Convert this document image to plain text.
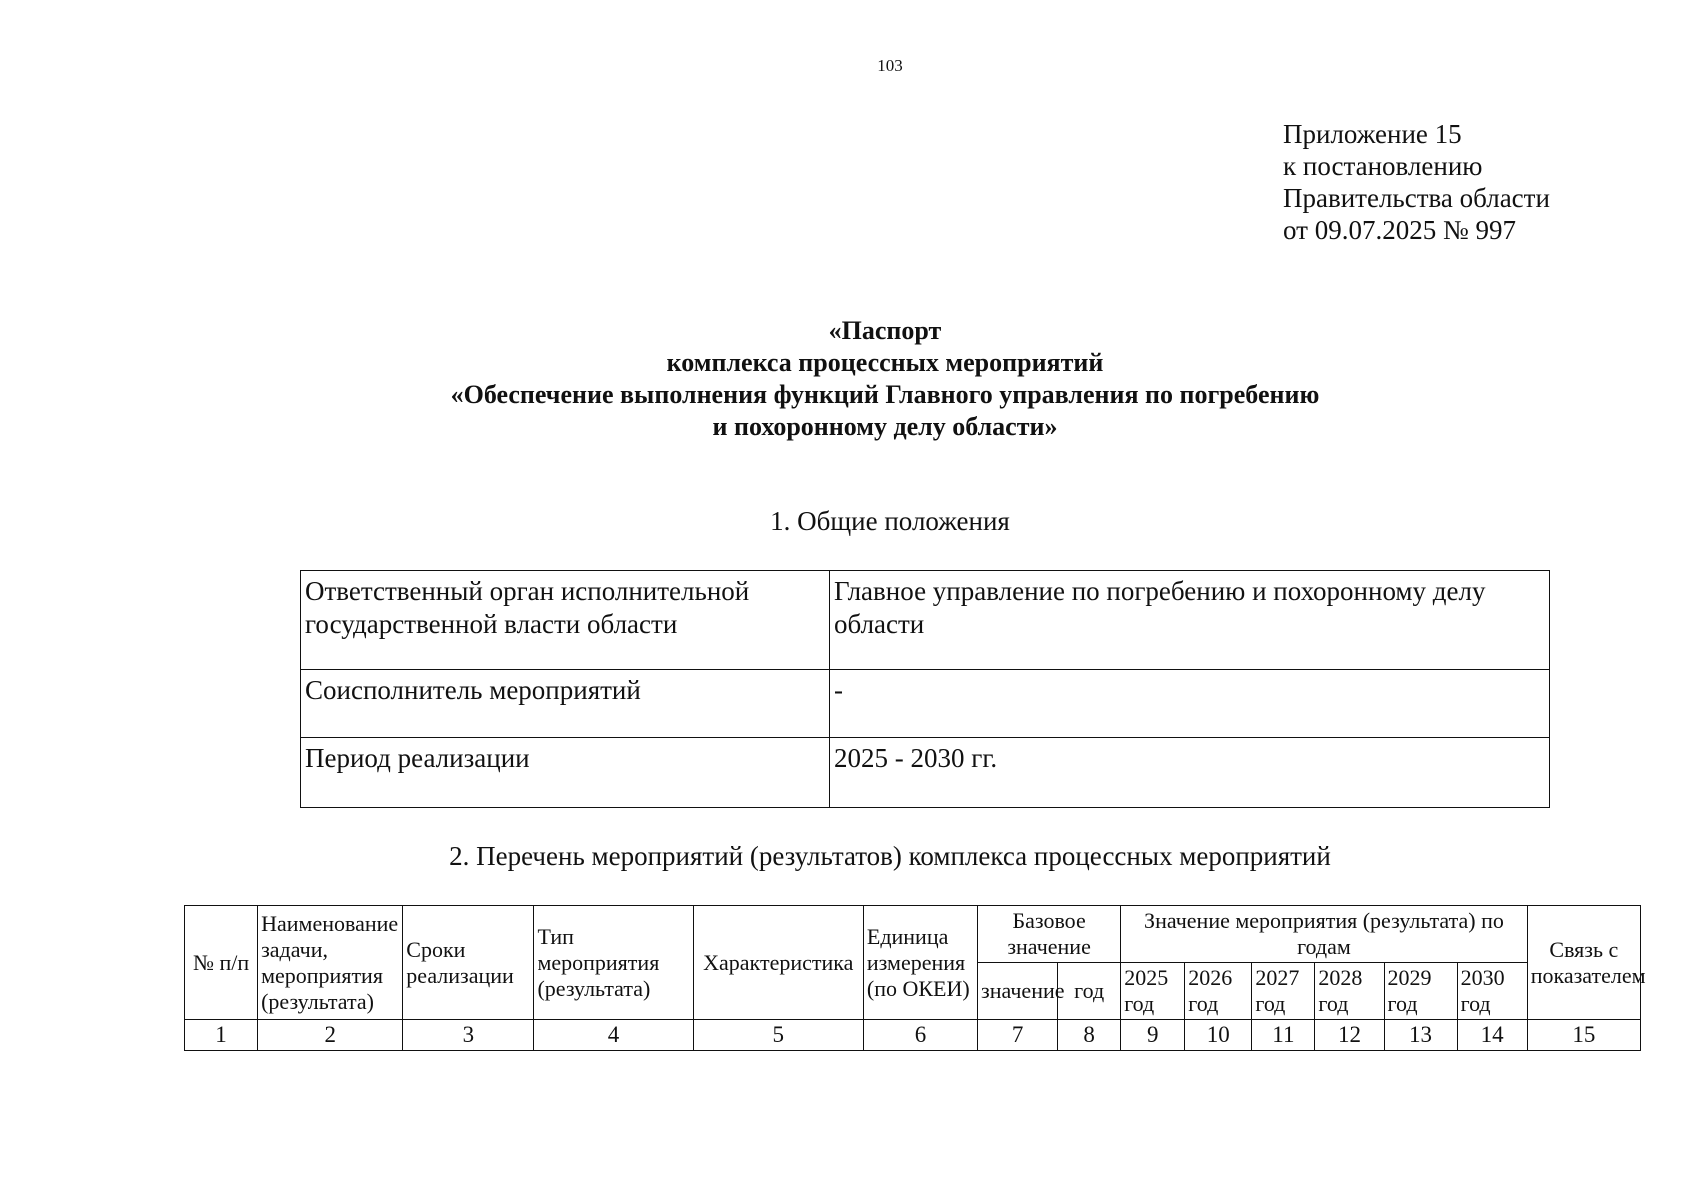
103
Приложение 15
к постановлению
Правительства области
от 09.07.2025 № 997
«Паспорт
комплекса процессных мероприятий
«Обеспечение выполнения функций Главного управления по погребению
и похоронному делу области»
1. Общие положения
Ответственный орган исполнительной государственной власти области	Главное управление по погребению и похоронному делу области
Соисполнитель мероприятий	-
Период реализации	2025 - 2030 гг.
2. Перечень мероприятий (результатов) комплекса процессных мероприятий
№ п/п	Наименование задачи, мероприятия (результата)	Сроки реализации	Тип мероприятия (результата)	Характеристика	Единица измерения (по ОКЕИ)	Базовое значение		Значение мероприятия (результата) по годам						Связь с показателем
						значение	год	2025 год	2026 год	2027 год	2028 год	2029 год	2030 год	
1	2	3	4	5	6	7	8	9	10	11	12	13	14	15
